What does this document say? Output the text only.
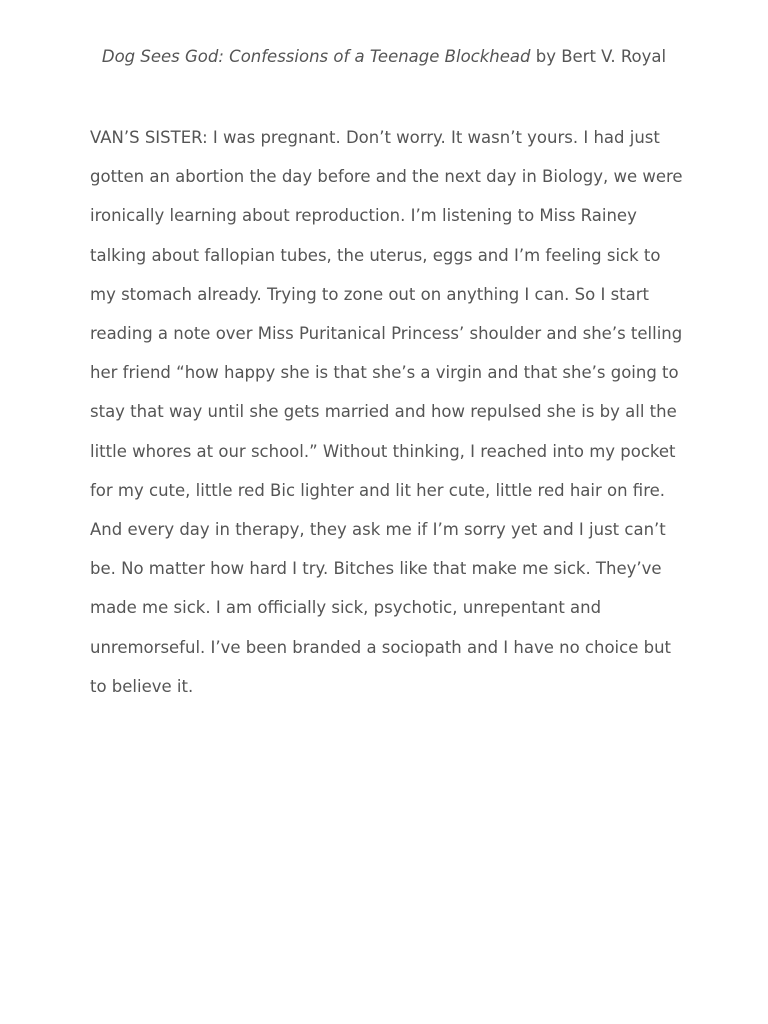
Dog Sees God: Confessions of a Teenage Blockhead by Bert V. Royal
VAN’S SISTER: I was pregnant. Don’t worry. It wasn’t yours. I had just
gotten an abortion the day before and the next day in Biology, we were
ironically learning about reproduction. I’m listening to Miss Rainey
talking about fallopian tubes, the uterus, eggs and I’m feeling sick to
my stomach already. Trying to zone out on anything I can. So I start
reading a note over Miss Puritanical Princess’ shoulder and she’s telling
her friend “how happy she is that she’s a virgin and that she’s going to
stay that way until she gets married and how repulsed she is by all the
little whores at our school.” Without thinking, I reached into my pocket
for my cute, little red Bic lighter and lit her cute, little red hair on fire.
And every day in therapy, they ask me if I’m sorry yet and I just can’t
be. No matter how hard I try. Bitches like that make me sick. They’ve
made me sick. I am officially sick, psychotic, unrepentant and
unremorseful. I’ve been branded a sociopath and I have no choice but
to believe it.
